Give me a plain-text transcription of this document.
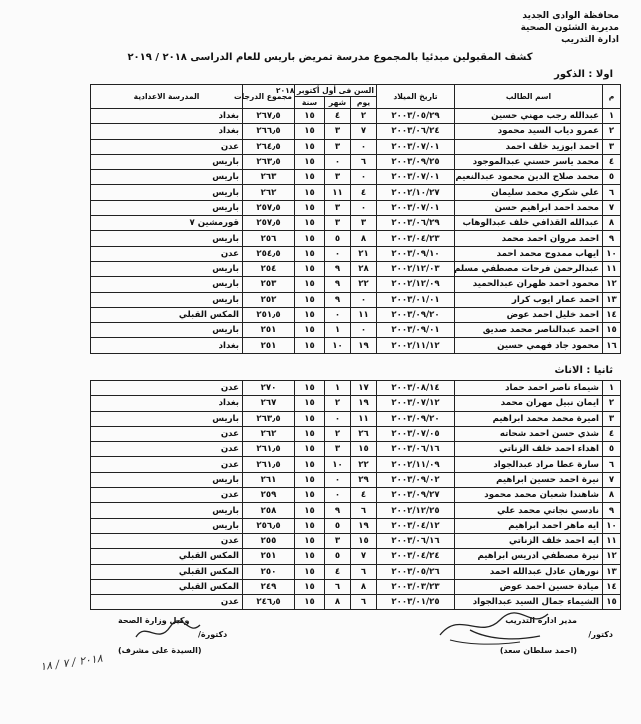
محافظة الوادى الجديد
مديرية الشئون الصحية
ادارة التدريب
كشف المقبولين مبدئيا بالمجموع مدرسة تمريض باريس للعام الدراسى ٢٠١٨ / ٢٠١٩
اولا : الذكور
م	اسم الطالب	تاريخ الميلاد	السن فى أول أكتوبر ٢٠١٨			مجموع الدرجات	المدرسة الاعدادية
			يوم	شهر	سنة		
١	عبدالله رجب مهني حسين	٢٠٠٣/٠٥/٢٩	٢	٤	١٥	٢٦٧٫٥	بغداد
٢	عمرو دياب السيد محمود	٢٠٠٣/٠٦/٢٤	٧	٣	١٥	٢٦٦٫٥	بغداد
٣	احمد ابوزيد خلف احمد	٢٠٠٣/٠٧/٠١	٠	٣	١٥	٢٦٤٫٥	عدن
٤	محمد ياسر حسني عبدالموجود	٢٠٠٣/٠٩/٢٥	٦	٠	١٥	٢٦٣٫٥	باريس
٥	محمد صلاح الدين محمود عبدالنعيم	٢٠٠٣/٠٧/٠١	٠	٣	١٥	٢٦٣	باريس
٦	علي شكري محمد سليمان	٢٠٠٢/١٠/٢٧	٤	١١	١٥	٢٦٢	باريس
٧	محمد احمد ابراهيم حسن	٢٠٠٣/٠٧/٠١	٠	٣	١٥	٢٥٧٫٥	باريس
٨	عبدالله القذافي خلف عبدالوهاب	٢٠٠٣/٠٦/٢٩	٣	٣	١٥	٢٥٧٫٥	قورمشين ٧
٩	احمد مروان احمد محمد	٢٠٠٣/٠٤/٢٣	٨	٥	١٥	٢٥٦	باريس
١٠	ايهاب ممدوح محمد احمد	٢٠٠٣/٠٩/١٠	٢١	٠	١٥	٢٥٤٫٥	عدن
١١	عبدالرحمن فرحات مصطفي مسلم	٢٠٠٢/١٢/٠٣	٢٨	٩	١٥	٢٥٤	باريس
١٢	محمود احمد ظهران عبدالحميد	٢٠٠٢/١٢/٠٩	٢٢	٩	١٥	٢٥٣	باريس
١٣	احمد عمار ايوب كرار	٢٠٠٣/٠١/٠١	٠	٩	١٥	٢٥٢	باريس
١٤	احمد خليل احمد عوض	٢٠٠٣/٠٩/٢٠	١١	٠	١٥	٢٥١٫٥	المكس القبلي
١٥	احمد عبدالناصر محمد صديق	٢٠٠٣/٠٩/٠١	٠	١	١٥	٢٥١	باريس
١٦	محمود جاد فهمي حسين	٢٠٠٢/١١/١٢	١٩	١٠	١٥	٢٥١	بغداد
ثانيا : الاناث
١	شيماء ناصر احمد حماد	٢٠٠٣/٠٨/١٤	١٧	١	١٥	٢٧٠	عدن
٢	ايمان نبيل مهران محمد	٢٠٠٣/٠٧/١٢	١٩	٢	١٥	٢٦٧	بغداد
٣	اميرة محمد محمد ابراهيم	٢٠٠٣/٠٩/٢٠	١١	٠	١٥	٢٦٣٫٥	باريس
٤	شذي حسن احمد شحاته	٢٠٠٣/٠٧/٠٥	٢٦	٢	١٥	٢٦٢	عدن
٥	اهداء احمد خلف الزناتي	٢٠٠٣/٠٦/١٦	١٥	٣	١٥	٢٦١٫٥	عدن
٦	سارة عطا مراد عبدالجواد	٢٠٠٢/١١/٠٩	٢٢	١٠	١٥	٢٦١٫٥	عدن
٧	نيرة احمد حسين ابراهيم	٢٠٠٣/٠٩/٠٢	٢٩	٠	١٥	٢٦١	باريس
٨	شاهندا شعبان محمد محمود	٢٠٠٣/٠٩/٢٧	٤	٠	١٥	٢٥٩	عدن
٩	نادسي نجاتي محمد علي	٢٠٠٢/١٢/٢٥	٦	٩	١٥	٢٥٨	باريس
١٠	ايه ماهر احمد ابراهيم	٢٠٠٣/٠٤/١٢	١٩	٥	١٥	٢٥٦٫٥	باريس
١١	ايه احمد خلف الزناتي	٢٠٠٣/٠٦/١٦	١٥	٣	١٥	٢٥٥	عدن
١٢	نيرة مصطفي ادريس ابراهيم	٢٠٠٣/٠٤/٢٤	٧	٥	١٥	٢٥١	المكس القبلي
١٣	نورهان عادل عبدالله احمد	٢٠٠٣/٠٥/٢٦	٦	٤	١٥	٢٥٠	المكس القبلي
١٤	ميادة حسين احمد عوض	٢٠٠٣/٠٣/٢٣	٨	٦	١٥	٢٤٩	المكس القبلي
١٥	الشيماء جمال السيد عبدالجواد	٢٠٠٣/٠١/٢٥	٦	٨	١٥	٢٤٦٫٥	عدن
مدير ادارة التدريب
دكتور/
(احمد سلطان سعد)
وكيل وزارة الصحة
دكتورة/
(السيدة على مشرف)
٢٠١٨ / ٧ / ١٨
